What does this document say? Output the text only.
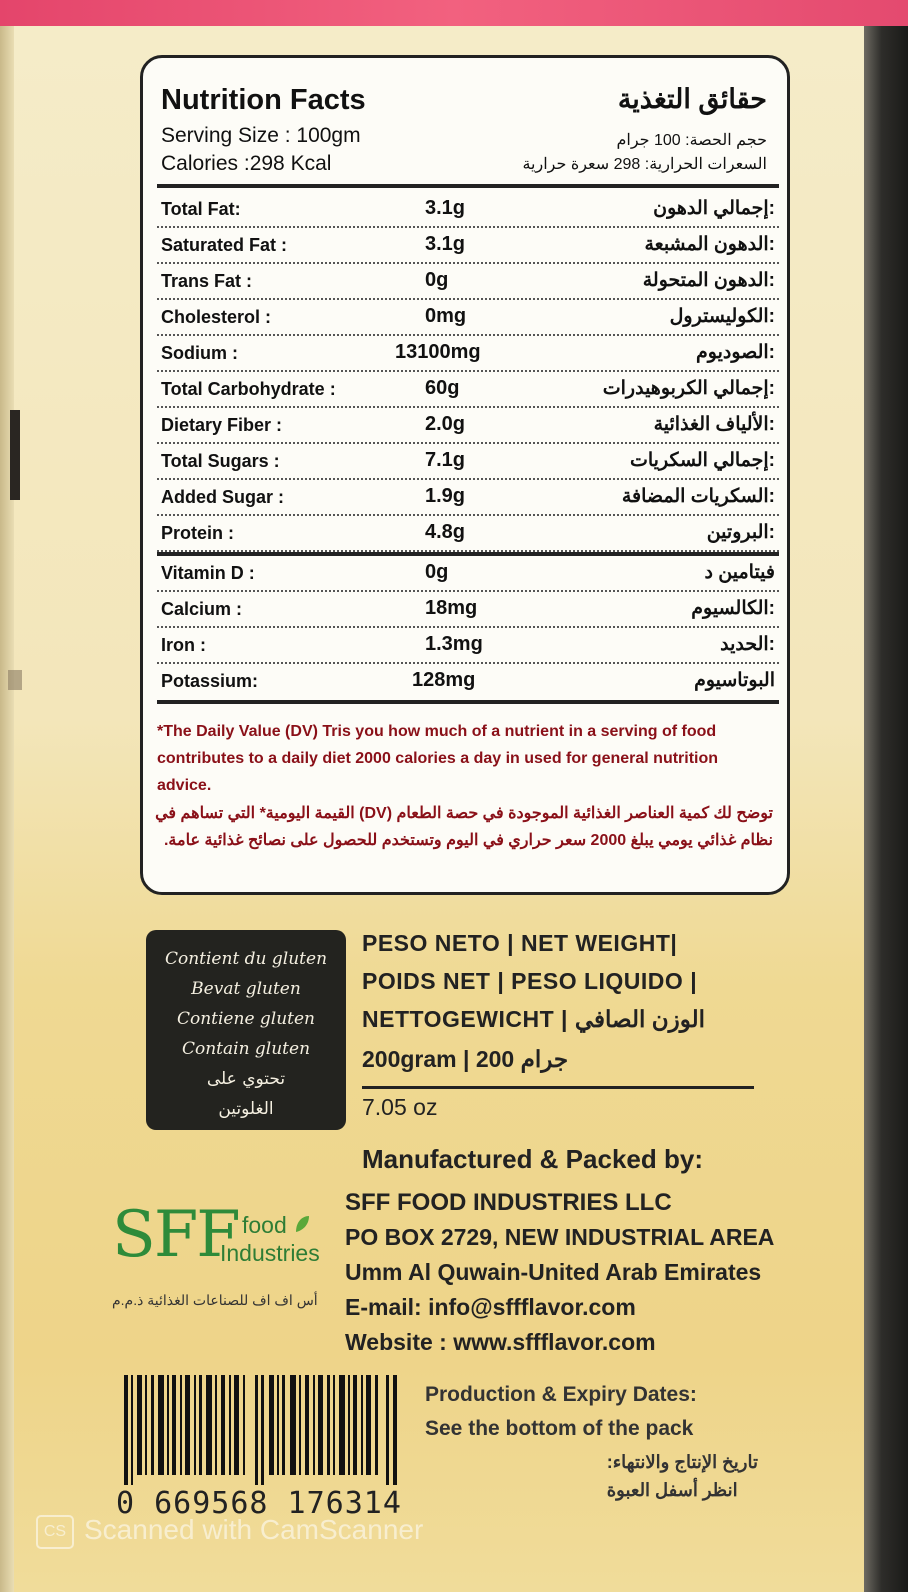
Nutrition Facts	حقائق التغذية
Serving Size : 100gm	حجم الحصة: 100 جرام
Calories :298 Kcal	السعرات الحرارية: 298 سعرة حرارية
Total Fat:	3.1g	:إجمالي الدهون
Saturated Fat :	3.1g	:الدهون المشبعة
Trans Fat :	0g	:الدهون المتحولة
Cholesterol :	0mg	:الكوليسترول
Sodium :	13100mg	:الصوديوم
Total Carbohydrate :	60g	:إجمالي الكربوهيدرات
Dietary Fiber :	2.0g	:الألياف الغذائية
Total Sugars :	7.1g	:إجمالي السكريات
Added Sugar :	1.9g	:السكريات المضافة
Protein :	4.8g	:البروتين
Vitamin D :	0g	فيتامين د
Calcium :	18mg	:الكالسيوم
Iron :	1.3mg	:الحديد
Potassium:	128mg	البوتاسيوم
*The Daily Value (DV) Tris you how much of a nutrient in a serving of food contributes to a daily diet 2000 calories a day in used for general nutrition advice.
توضح لك كمية العناصر الغذائية الموجودة في حصة الطعام (DV) القيمة اليومية* التي تساهم في نظام غذائي يومي يبلغ 2000 سعر حراري في اليوم وتستخدم للحصول على نصائح غذائية عامة.
Contient du gluten
Bevat gluten
Contiene gluten
Contain gluten
تحتوي على
الغلوتين
PESO NETO | NET WEIGHT|
POIDS NET | PESO LIQUIDO |
NETTOGEWICHT | الوزن الصافي
200gram | 200 جرام
7.05 oz
Manufactured & Packed by:
SFF FOOD INDUSTRIES LLC
PO BOX 2729, NEW INDUSTRIAL AREA
Umm Al Quwain-United Arab Emirates
E-mail: info@sffflavor.com
Website : www.sffflavor.com
SFF food
Industries
أس اف اف للصناعات الغذائية ذ.م.م
0 669568 176314
Production & Expiry Dates:
See the bottom of the pack
تاريخ الإنتاج والانتهاء:
انظر أسفل العبوة
CS Scanned with CamScanner
